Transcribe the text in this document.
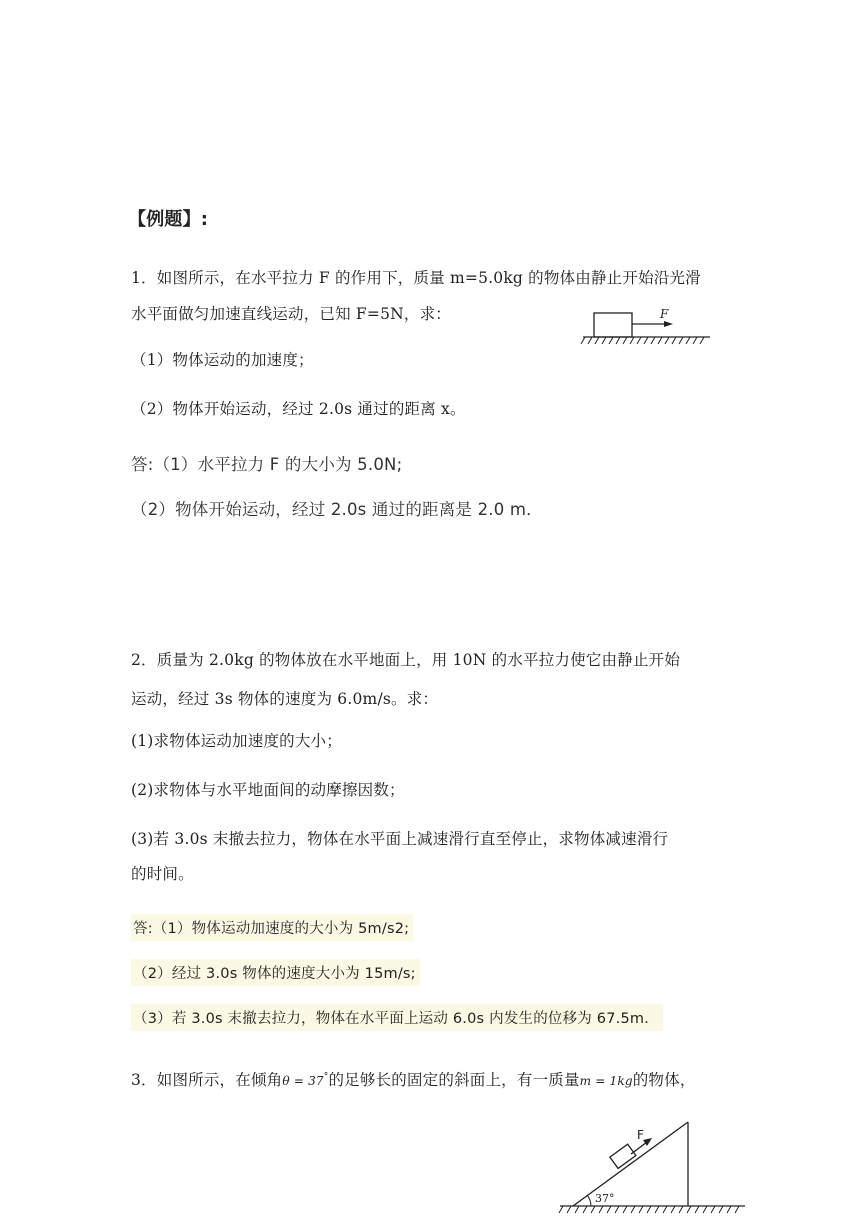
【例题】:
1．如图所示，在水平拉力 F 的作用下，质量 m=5.0kg 的物体由静止开始沿光滑
水平面做匀加速直线运动，已知 F=5N，求：	F
（1）物体运动的加速度；
（2）物体开始运动，经过 2.0s 通过的距离 x。
答:（1）水平拉力 F 的大小为 5.0N;
（2）物体开始运动，经过 2.0s 通过的距离是 2.0 m．
2．质量为 2.0kg 的物体放在水平地面上，用 10N 的水平拉力使它由静止开始
运动，经过 3s 物体的速度为 6.0m/s。求：
(1)求物体运动加速度的大小；
(2)求物体与水平地面间的动摩擦因数；
(3)若 3.0s 末撤去拉力，物体在水平面上减速滑行直至停止，求物体减速滑行
的时间。
答:（1）物体运动加速度的大小为 5m/s2;
（2）经过 3.0s 物体的速度大小为 15m/s;
（3）若 3.0s 末撤去拉力，物体在水平面上运动 6.0s 内发生的位移为 67.5m．
3．如图所示，在倾角θ = 37°的足够长的固定的斜面上，有一质量m = 1kg的物体，
F
37°
